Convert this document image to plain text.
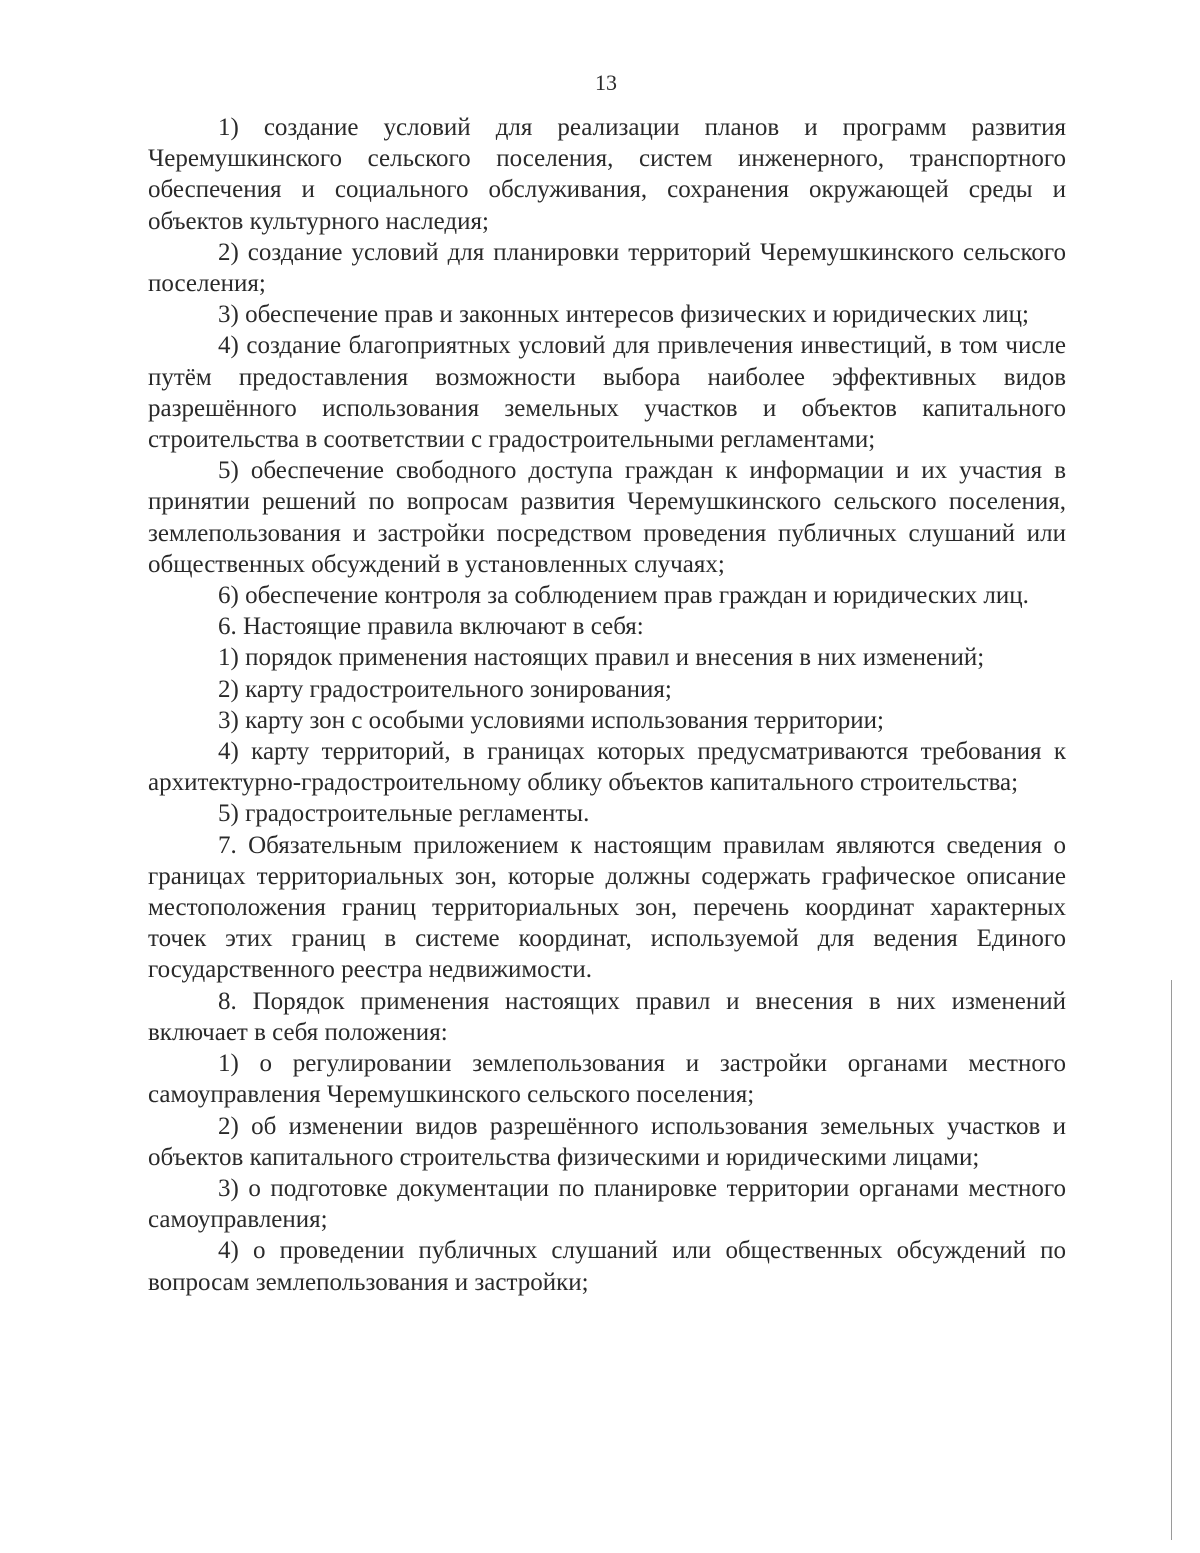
13

1) создание условий для реализации планов и программ развития Черемушкинского сельского поселения, систем инженерного, транспортного обеспечения и социального обслуживания, сохранения окружающей среды и объектов культурного наследия;

2) создание условий для планировки территорий Черемушкинского сельского поселения;

3) обеспечение прав и законных интересов физических и юридических лиц;

4) создание благоприятных условий для привлечения инвестиций, в том числе путём предоставления возможности выбора наиболее эффективных видов разрешённого использования земельных участков и объектов капитального строительства в соответствии с градостроительными регламентами;

5) обеспечение свободного доступа граждан к информации и их участия в принятии решений по вопросам развития Черемушкинского сельского поселения, землепользования и застройки посредством проведения публичных слушаний или общественных обсуждений в установленных случаях;

6) обеспечение контроля за соблюдением прав граждан и юридических лиц.

6. Настоящие правила включают в себя:

1) порядок применения настоящих правил и внесения в них изменений;

2) карту градостроительного зонирования;

3) карту зон с особыми условиями использования территории;

4) карту территорий, в границах которых предусматриваются требования к архитектурно-градостроительному облику объектов капитального строительства;

5) градостроительные регламенты.

7. Обязательным приложением к настоящим правилам являются сведения о границах территориальных зон, которые должны содержать графическое описание местоположения границ территориальных зон, перечень координат характерных точек этих границ в системе координат, используемой для ведения Единого государственного реестра недвижимости.

8. Порядок применения настоящих правил и внесения в них изменений включает в себя положения:

1) о регулировании землепользования и застройки органами местного самоуправления Черемушкинского сельского поселения;

2) об изменении видов разрешённого использования земельных участков и объектов капитального строительства физическими и юридическими лицами;

3) о подготовке документации по планировке территории органами местного самоуправления;

4) о проведении публичных слушаний или общественных обсуждений по вопросам землепользования и застройки;
